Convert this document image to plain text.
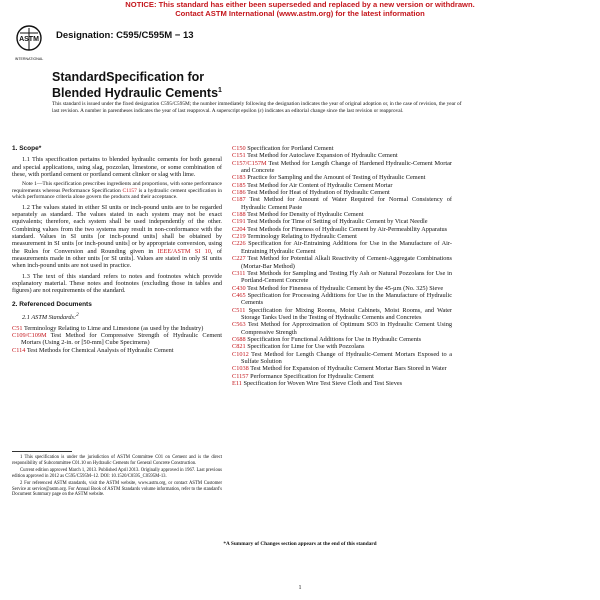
NOTICE: This standard has either been superseded and replaced by a new version or withdrawn.
Contact ASTM International (www.astm.org) for the latest information
ASTM
INTERNATIONAL
Designation: C595/C595M − 13
StandardSpecification for
Blended Hydraulic Cements$^1$
This standard is issued under the fixed designation C595/C595M; the number immediately following the designation indicates the year of original adoption or, in the case of revision, the year of last revision. A number in parentheses indicates the year of last reapproval. A superscript epsilon (ε) indicates an editorial change since the last revision or reapproval.
1. Scope*

1.1 This specification pertains to blended hydraulic cements for both general and special applications, using slag, pozzolan, limestone, or some combination of these, with portland cement or portland cement clinker or slag with lime.

Note 1—This specification prescribes ingredients and proportions, with some performance requirements whereas Performance Specification C1157 is a hydraulic cement specification in which performance criteria alone govern the products and their acceptance.

1.2 The values stated in either SI units or inch-pound units are to be regarded separately as standard. The values stated in each system may not be exact equivalents; therefore, each system shall be used independently of the other. Combining values from the two systems may result in non-conformance with the standard. Values in SI units [or inch-pound units] shall be obtained by measurement in SI units [or inch-pound units] or by appropriate conversion, using the Rules for Conversion and Rounding given in IEEE/ASTM SI 10, of measurements made in other units [or SI units]. Values are stated in only SI units when inch-pound units are not used in practice.

1.3 The text of this standard refers to notes and footnotes which provide explanatory material. These notes and footnotes (excluding those in tables and figures) are not requirements of the standard.

2. Referenced Documents

2.1 ASTM Standards:$^2$

C51 Terminology Relating to Lime and Limestone (as used by the Industry)

C109/C109M Test Method for Compressive Strength of Hydraulic Cement Mortars (Using 2-in. or [50-mm] Cube Specimens)

C114 Test Methods for Chemical Analysis of Hydraulic Cement

C150 Specification for Portland Cement

C151 Test Method for Autoclave Expansion of Hydraulic Cement

C157/C157M Test Method for Length Change of Hardened Hydraulic-Cement Mortar and Concrete

C183 Practice for Sampling and the Amount of Testing of Hydraulic Cement

C185 Test Method for Air Content of Hydraulic Cement Mortar

C186 Test Method for Heat of Hydration of Hydraulic Cement

C187 Test Method for Amount of Water Required for Normal Consistency of Hydraulic Cement Paste

C188 Test Method for Density of Hydraulic Cement

C191 Test Methods for Time of Setting of Hydraulic Cement by Vicat Needle

C204 Test Methods for Fineness of Hydraulic Cement by Air-Permeability Apparatus

C219 Terminology Relating to Hydraulic Cement

C226 Specification for Air-Entraining Additions for Use in the Manufacture of Air-Entraining Hydraulic Cement

C227 Test Method for Potential Alkali Reactivity of Cement-Aggregate Combinations (Mortar-Bar Method)

C311 Test Methods for Sampling and Testing Fly Ash or Natural Pozzolans for Use in Portland-Cement Concrete

C430 Test Method for Fineness of Hydraulic Cement by the 45-µm (No. 325) Sieve

C465 Specification for Processing Additions for Use in the Manufacture of Hydraulic Cements

C511 Specification for Mixing Rooms, Moist Cabinets, Moist Rooms, and Water Storage Tanks Used in the Testing of Hydraulic Cements and Concretes

C563 Test Method for Approximation of Optimum SO3 in Hydraulic Cement Using Compressive Strength

C688 Specification for Functional Additions for Use in Hydraulic Cements

C821 Specification for Lime for Use with Pozzolans

C1012 Test Method for Length Change of Hydraulic-Cement Mortars Exposed to a Sulfate Solution

C1038 Test Method for Expansion of Hydraulic Cement Mortar Bars Stored in Water

C1157 Performance Specification for Hydraulic Cement

E11 Specification for Woven Wire Test Sieve Cloth and Test Sieves

1 This specification is under the jurisdiction of ASTM Committee C01 on Cement and is the direct responsibility of Subcommittee C01.10 on Hydraulic Cements for General Concrete Construction.

Current edition approved March 1, 2013. Published April 2013. Originally approved in 1967. Last previous edition approved in 2012 as C595/C595M–12. DOI: 10.1520/C0595_C0595M-13.

2 For referenced ASTM standards, visit the ASTM website, www.astm.org, or contact ASTM Customer Service at service@astm.org. For Annual Book of ASTM Standards volume information, refer to the standard's Document Summary page on the ASTM website.

*A Summary of Changes section appears at the end of this standard
1
